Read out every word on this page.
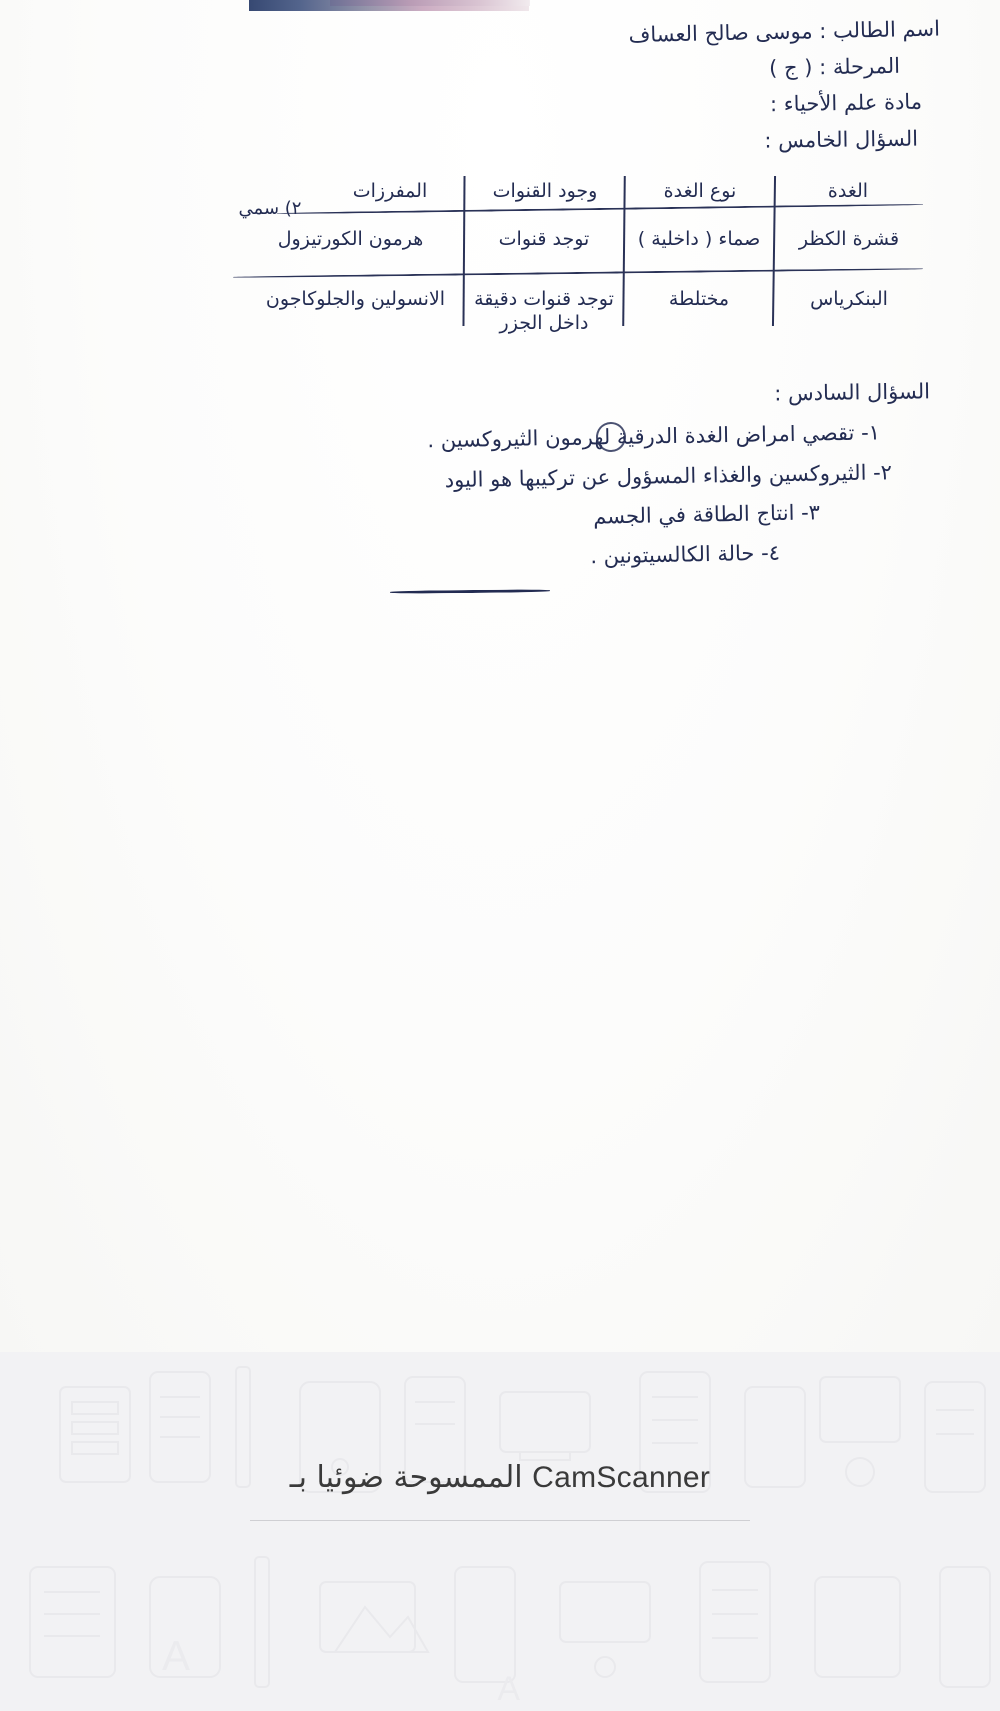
اسم الطالب : موسى صالح العساف
المرحلة : ( ج )
مادة علم الأحياء :
السؤال الخامس :
الغدة
نوع الغدة
وجود القنوات
المفرزات
٢) سمي
قشرة الكظر
صماء ( داخلية )
توجد قنوات
هرمون الكورتيزول
البنكرياس
مختلطة
توجد قنوات دقيقة داخل الجزر
الانسولين والجلوكاجون
السؤال السادس :
١- تقصي امراض الغدة الدرقية لهرمون الثيروكسين .
٢- الثيروكسين والغذاء المسؤول عن تركيبها هو اليود
٣- انتاج الطاقة في الجسم
٤- حالة الكالسيتونين .
A
A
CamScanner الممسوحة ضوئيا بـ
